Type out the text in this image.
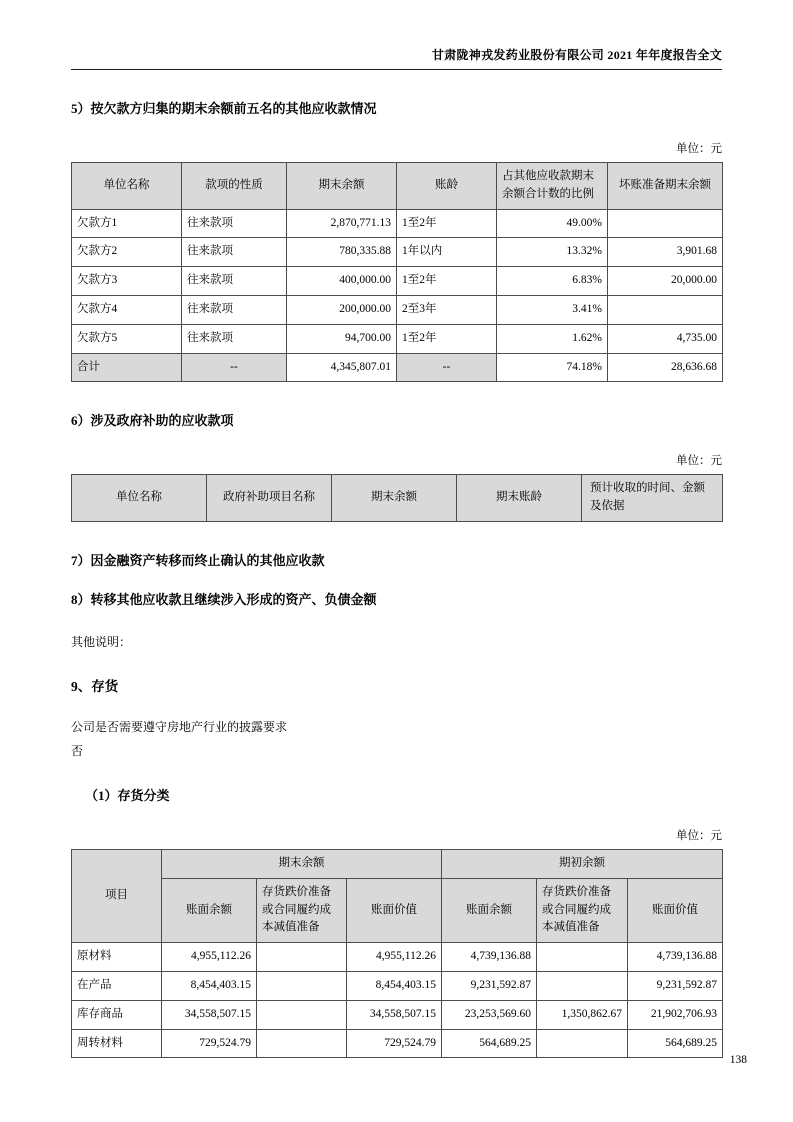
甘肃陇神戎发药业股份有限公司 2021 年年度报告全文
5）按欠款方归集的期末余额前五名的其他应收款情况
单位：元
单位名称	款项的性质	期末余额	账龄	占其他应收款期末余额合计数的比例	坏账准备期末余额
欠款方1	往来款项	2,870,771.13	1至2年	49.00%	
欠款方2	往来款项	780,335.88	1年以内	13.32%	3,901.68
欠款方3	往来款项	400,000.00	1至2年	6.83%	20,000.00
欠款方4	往来款项	200,000.00	2至3年	3.41%	
欠款方5	往来款项	94,700.00	1至2年	1.62%	4,735.00
合计	--	4,345,807.01	--	74.18%	28,636.68
6）涉及政府补助的应收款项
单位：元
单位名称	政府补助项目名称	期末余额	期末账龄	预计收取的时间、金额及依据
7）因金融资产转移而终止确认的其他应收款
8）转移其他应收款且继续涉入形成的资产、负债金额
其他说明：
9、存货
公司是否需要遵守房地产行业的披露要求
否
（1）存货分类
单位：元
项目	期末余额			期初余额		
	账面余额	存货跌价准备或合同履约成本减值准备	账面价值	账面余额	存货跌价准备或合同履约成本减值准备	账面价值
原材料	4,955,112.26		4,955,112.26	4,739,136.88		4,739,136.88
在产品	8,454,403.15		8,454,403.15	9,231,592.87		9,231,592.87
库存商品	34,558,507.15		34,558,507.15	23,253,569.60	1,350,862.67	21,902,706.93
周转材料	729,524.79		729,524.79	564,689.25		564,689.25
138
